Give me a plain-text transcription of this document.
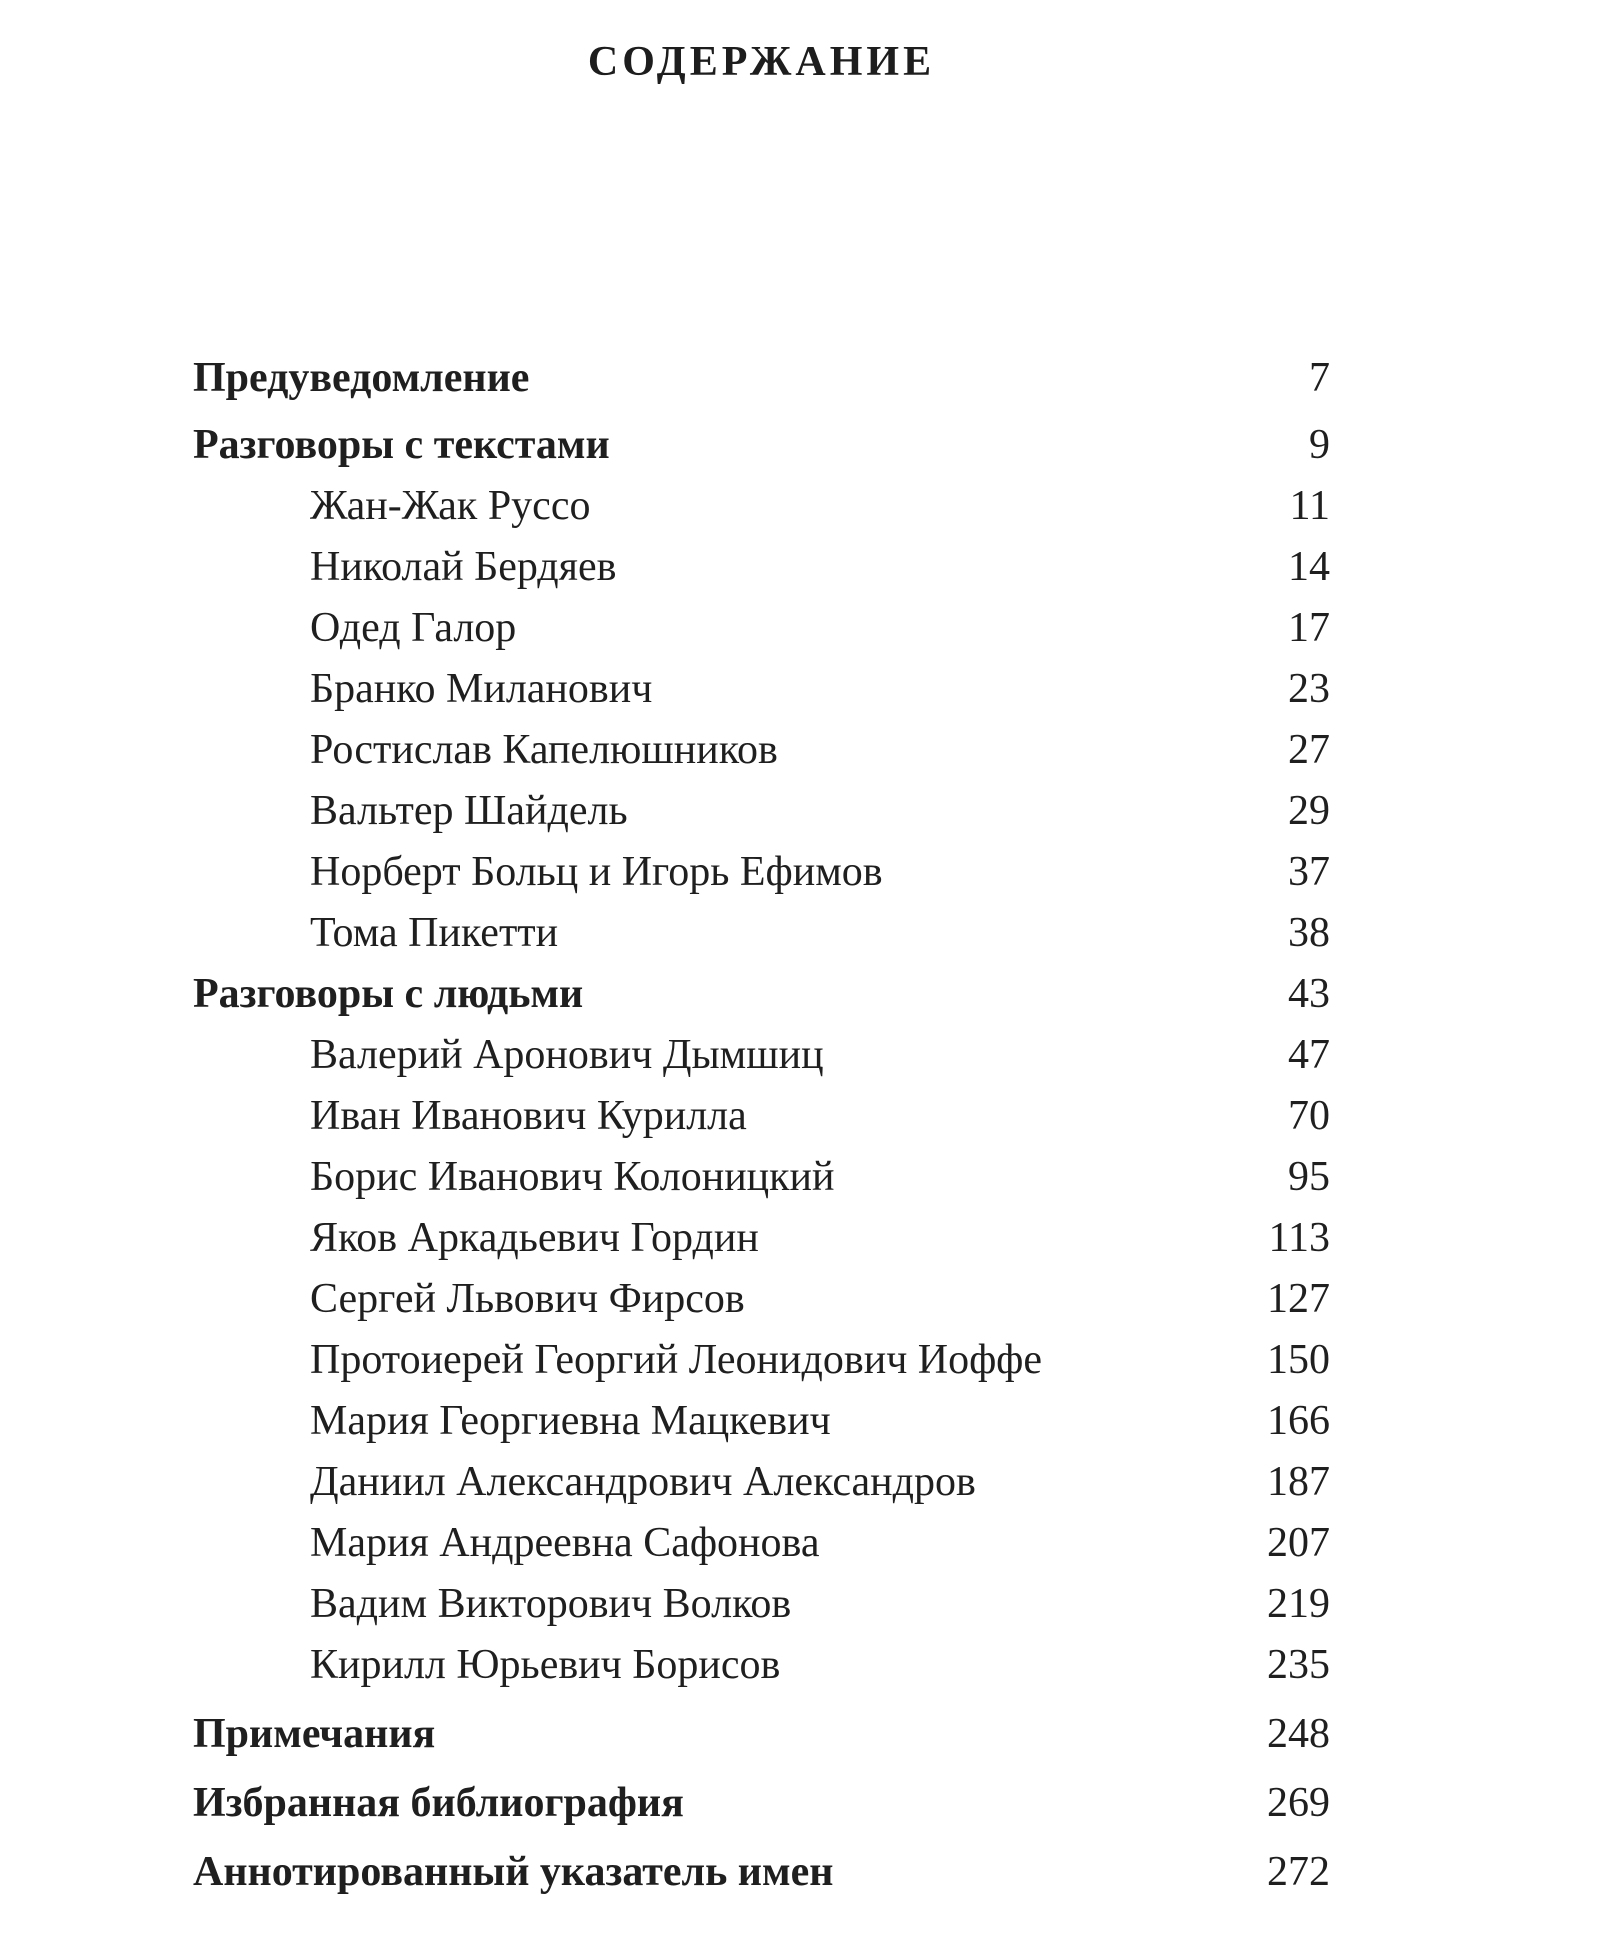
СОДЕРЖАНИЕ
Предуведомление	7
Разговоры с текстами	9
Жан-Жак Руссо	11
Николай Бердяев	14
Одед Галор	17
Бранко Миланович	23
Ростислав Капелюшников	27
Вальтер Шайдель	29
Норберт Больц и Игорь Ефимов	37
Тома Пикетти	38
Разговоры с людьми	43
Валерий Аронович Дымшиц	47
Иван Иванович Курилла	70
Борис Иванович Колоницкий	95
Яков Аркадьевич Гордин	113
Сергей Львович Фирсов	127
Протоиерей Георгий Леонидович Иоффе	150
Мария Георгиевна Мацкевич	166
Даниил Александрович Александров	187
Мария Андреевна Сафонова	207
Вадим Викторович Волков	219
Кирилл Юрьевич Борисов	235
Примечания	248
Избранная библиография	269
Аннотированный указатель имен	272
